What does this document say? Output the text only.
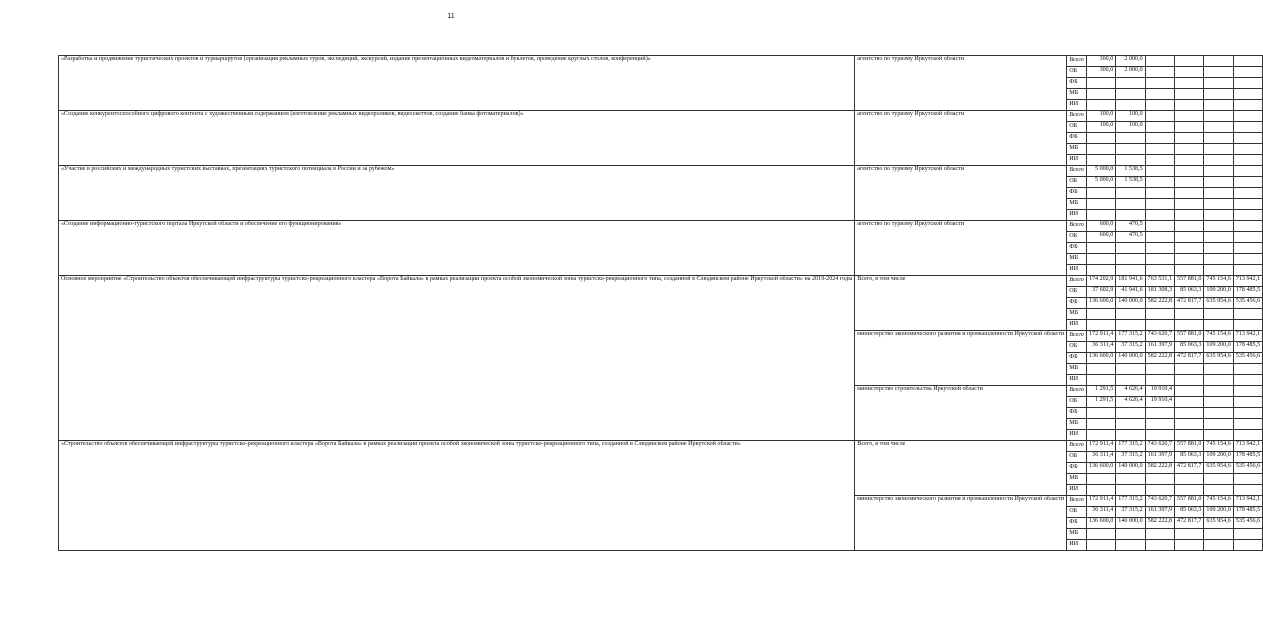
11
«Разработка и продвижение туристических проектов и турмаршрутов (организация рекламных туров, экспедиций, экскурсий, издание презентационных видеоматериалов и буклетов, проведение круглых столов, конференций)»	агентство по туризму Иркутской области	Всего	300,0	2 000,0				
		ОБ	300,0	2 000,0				
		ФБ						
		МБ						
		ИИ						
«Создание конкурентоспособного цифрового контента с художественным содержанием (изготовление рекламных видеороликов, видеоскетчов, создание банка фотоматериалов)»	агентство по туризму Иркутской области	Всего	100,0	100,0				
		ОБ	100,0	100,0				
		ФБ						
		МБ						
		ИИ						
«Участие в российских и международных туристских выставках, презентациях туристского потенциала в России и за рубежом»	агентство по туризму Иркутской области	Всего	5 000,0	1 538,5				
		ОБ	5 000,0	1 538,5				
		ФБ						
		МБ						
		ИИ						
«Создание информационно-туристского портала Иркутской области и обеспечение его функционирования»	агентство по туризму Иркутской области	Всего	600,0	470,5				
		ОБ	600,0	470,5				
		ФБ						
		МБ						
		ИИ						
Основное мероприятие «Строительство объектов обеспечивающей инфраструктуры туристско-рекреационного кластера «Ворота Байкала» в рамках реализации проекта особой экономической зоны туристско-рекреационного типа, созданной в Слюдянском районе Иркутской области» на 2019-2024 годы	Всего, в том числе	Всего	174 202,9	181 941,6	763 531,1	557 881,0	745 154,6	713 942,1
		ОБ	37 602,9	41 941,6	181 308,3	85 063,3	109 200,0	178 485,5
		ФБ	136 600,0	140 000,0	582 222,8	472 817,7	635 954,6	535 456,6
		МБ						
		ИИ						
	министерство экономического развития и промышленности Иркутской области	Всего	172 911,4	177 315,2	743 620,7	557 881,0	745 154,6	713 942,1
		ОБ	36 311,4	37 315,2	161 397,9	85 063,3	109 200,0	178 485,5
		ФБ	136 600,0	140 000,0	582 222,8	472 817,7	635 954,6	535 456,6
		МБ						
		ИИ						
	министерство строительства Иркутской области	Всего	1 291,5	4 626,4	19 910,4			
		ОБ	1 291,5	4 626,4	19 910,4			
		ФБ						
		МБ						
		ИИ						
«Строительство объектов обеспечивающей инфраструктуры туристско-рекреационного кластера «Ворота Байкала» в рамках реализации проекта особой экономической зоны туристско-рекреационного типа, созданной в Слюдянском районе Иркутской области»	Всего, в том числе	Всего	172 911,4	177 315,2	743 620,7	557 881,0	745 154,6	713 942,1
		ОБ	36 311,4	37 315,2	161 397,9	85 063,3	109 200,0	178 485,5
		ФБ	136 600,0	140 000,0	582 222,8	472 817,7	635 954,6	535 456,6
		МБ						
		ИИ						
	министерство экономического развития и промышленности Иркутской области	Всего	172 911,4	177 315,2	743 620,7	557 881,0	745 154,6	713 942,1
		ОБ	36 311,4	37 315,2	161 397,9	85 063,3	109 200,0	178 485,5
		ФБ	136 600,0	140 000,0	582 222,8	472 817,7	635 954,6	535 456,6
		МБ						
		ИИ						
